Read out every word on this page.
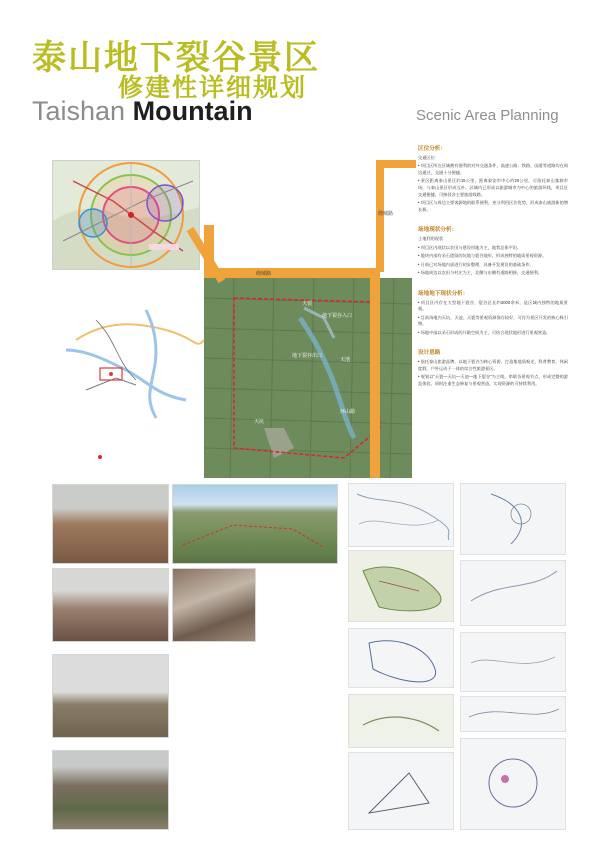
泰山地下裂谷景区
修建性详细规划
Taishan Mountain	Scenic Area Planning
绕城路
绕城路
环山路
天裂
地下裂谷入口
地下裂谷出口
天池
天坑
区位分析：

交通区位：

• 项目区所在区域拥有便利的对外交通条件，高速公路、铁路、国道等道路均在周边通过，交通十分便捷。

• 景区距离泰山景区约15公里，距离泰安市中心约20公里，可依托泰山客源市场，与泰山景区形成互补。区域内已形成以旅游城市为中心的旅游环线，项目区交通便捷，可接驳各主要旅游线路。

• 项目区与周边主要客源地的联系便利，充分利用区位优势，形成泰山旅游新的增长极。

场地现状分析：

土地利用现状

• 项目区内现状以农田与建设用地为主，地势总体平坦。

• 地块内部有采石遗留的坑地与裂谷地形，形成独特的地质景观资源。

• 日前已对场地内部进行初步整理，具备开发建设的基础条件。

• 场地周边以农田与村庄为主，北侧与东侧有道路相接，交通便利。

场地地下现状分析：

• 项目区内存在大型地下裂谷，裂谷总长约3000余米，是区域内独特的地质景观。

• 目前场地内天坑、天池、天裂等景观资源保存较好，可作为景区开发的核心吸引物。

• 场地中部以采石形成的开敞空间为主，可结合现状地形进行景观营造。

设计思路

• 依托泰山旅游品牌，以地下裂谷为核心资源，打造集地质观光、科普教育、休闲度假、户外运动于一体的综合性旅游景区。

• 规划以“天裂—天坑—天池—地下裂谷”为主线，串联各景观节点，形成完整的游览体验。同时注重生态修复与景观营造，实现资源的可持续利用。
